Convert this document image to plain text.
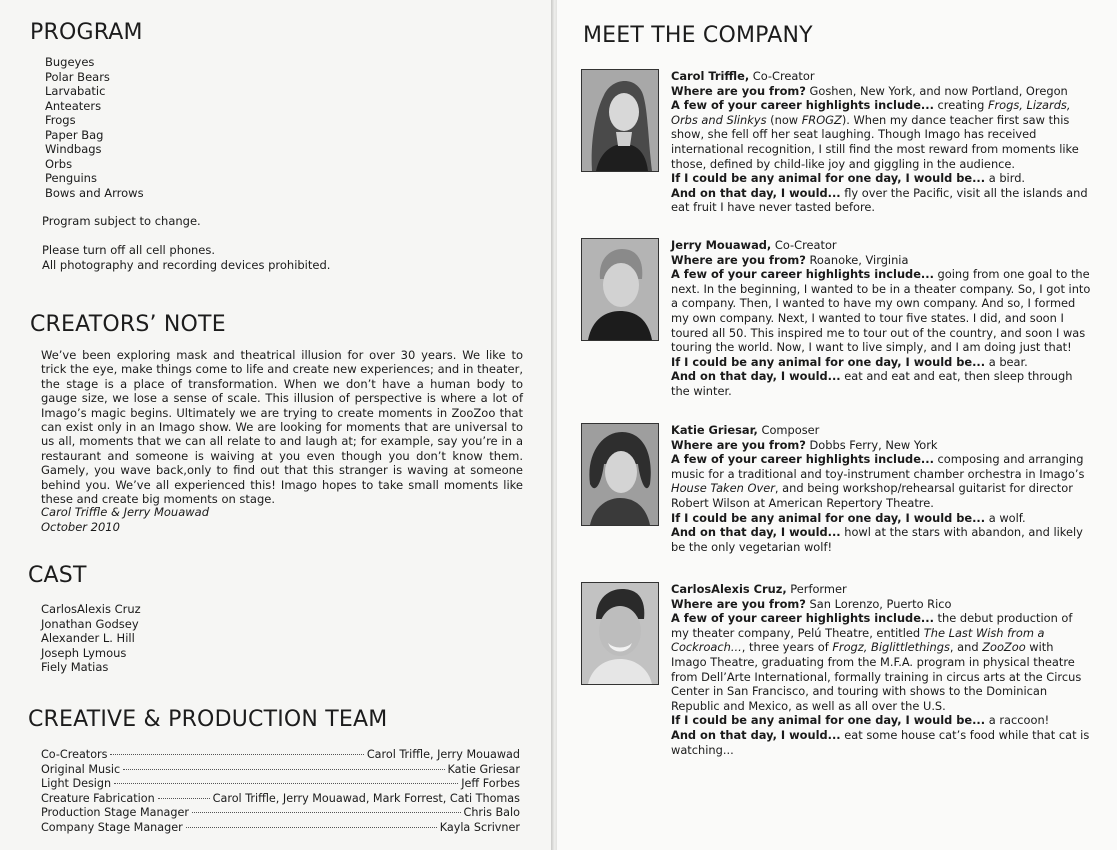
PROGRAM
Bugeyes
Polar Bears
Larvabatic
Anteaters
Frogs
Paper Bag
Windbags
Orbs
Penguins
Bows and Arrows
Program subject to change.
Please turn off all cell phones.
All photography and recording devices prohibited.
CREATORS’ NOTE
We’ve been exploring mask and theatrical illusion for over 30 years. We like to trick the eye, make things come to life and create new experiences; and in theater, the stage is a place of transformation. When we don’t have a human body to gauge size, we lose a sense of scale. This illusion of perspective is where a lot of Imago’s magic begins. Ultimately we are trying to create moments in ZooZoo that can exist only in an Imago show. We are looking for moments that are universal to us all, moments that we can all relate to and laugh at; for example, say you’re in a restaurant and someone is waiving at you even though you don’t know them. Gamely, you wave back,only to find out that this stranger is waving at someone behind you. We’ve all experienced this! Imago hopes to take small moments like these and create big moments on stage.
Carol Triffle & Jerry Mouawad
October 2010
CAST
CarlosAlexis Cruz
Jonathan Godsey
Alexander L. Hill
Joseph Lymous
Fiely Matias
CREATIVE & PRODUCTION TEAM
Co-Creators	Carol Triffle, Jerry Mouawad
Original Music	Katie Griesar
Light Design	Jeff Forbes
Creature Fabrication	Carol Triffle, Jerry Mouawad, Mark Forrest, Cati Thomas
Production Stage Manager	Chris Balo
Company Stage Manager	Kayla Scrivner
MEET THE COMPANY
Carol Triffle, Co-Creator
Where are you from? Goshen, New York, and now Portland, Oregon
A few of your career highlights include... creating Frogs, Lizards, Orbs and Slinkys (now FROGZ). When my dance teacher first saw this show, she fell off her seat laughing. Though Imago has received international recognition, I still find the most reward from moments like those, defined by child-like joy and giggling in the audience.
If I could be any animal for one day, I would be... a bird.
And on that day, I would... fly over the Pacific, visit all the islands and eat fruit I have never tasted before.
Jerry Mouawad, Co-Creator
Where are you from? Roanoke, Virginia
A few of your career highlights include... going from one goal to the next. In the beginning, I wanted to be in a theater company. So, I got into a company. Then, I wanted to have my own company. And so, I formed my own company. Next, I wanted to tour five states. I did, and soon I toured all 50. This inspired me to tour out of the country, and soon I was touring the world. Now, I want to live simply, and I am doing just that!
If I could be any animal for one day, I would be... a bear.
And on that day, I would... eat and eat and eat, then sleep through the winter.
Katie Griesar, Composer
Where are you from? Dobbs Ferry, New York
A few of your career highlights include... composing and arranging music for a traditional and toy-instrument chamber orchestra in Imago’s House Taken Over, and being workshop/rehearsal guitarist for director Robert Wilson at American Repertory Theatre.
If I could be any animal for one day, I would be... a wolf.
And on that day, I would... howl at the stars with abandon, and likely be the only vegetarian wolf!
CarlosAlexis Cruz, Performer
Where are you from? San Lorenzo, Puerto Rico
A few of your career highlights include... the debut production of my theater company, Pelú Theatre, entitled The Last Wish from a Cockroach..., three years of Frogz, Biglittlethings, and ZooZoo with Imago Theatre, graduating from the M.F.A. program in physical theatre from Dell’Arte International, formally training in circus arts at the Circus Center in San Francisco, and touring with shows to the Dominican Republic and Mexico, as well as all over the U.S.
If I could be any animal for one day, I would be... a raccoon!
And on that day, I would... eat some house cat’s food while that cat is watching...
